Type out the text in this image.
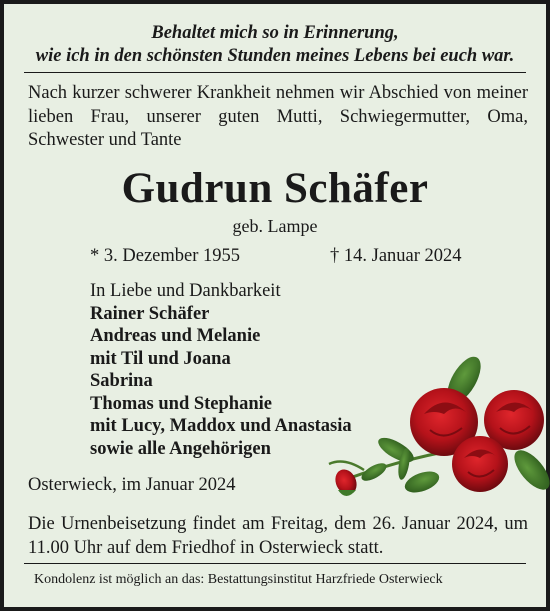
Behaltet mich so in Erinnerung,
wie ich in den schönsten Stunden meines Lebens bei euch war.
Nach kurzer schwerer Krankheit nehmen wir Abschied von meiner lieben Frau, unserer guten Mutti, Schwiegermutter, Oma, Schwester und Tante
Gudrun Schäfer
geb. Lampe
* 3. Dezember 1955	† 14. Januar 2024
In Liebe und Dankbarkeit
Rainer Schäfer
Andreas und Melanie
mit Til und Joana
Sabrina
Thomas und Stephanie
mit Lucy, Maddox und Anastasia
sowie alle Angehörigen
Osterwieck, im Januar 2024
Die Urnenbeisetzung findet am Freitag, dem 26. Januar 2024, um 11.00 Uhr auf dem Friedhof in Osterwieck statt.
Kondolenz ist möglich an das: Bestattungsinstitut Harzfriede Osterwieck
